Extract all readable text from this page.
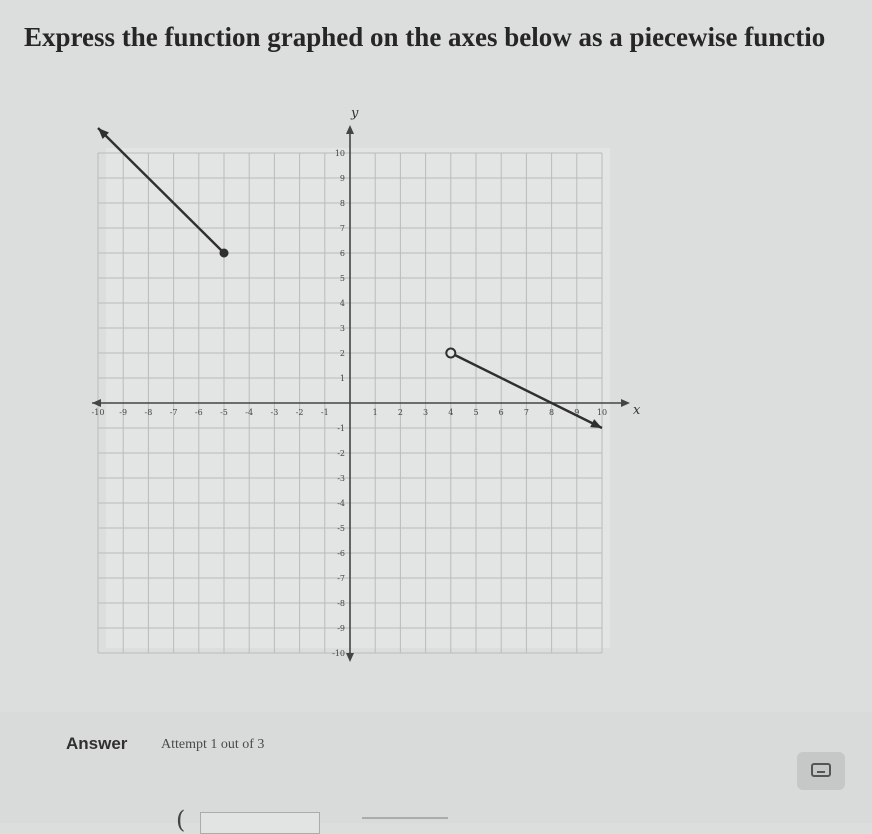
Express the function graphed on the axes below as a piecewise functio
-10 -9 -8 -7 -6 -5 -4 -3 -2 -1	1	2	3	4	5	6	7	8	9 10
10
9
8
7
6
5
4
3
2
1
-1
-2
-3
-4
-5
-6
-7
-8
-9
-10
x
y
Answer Attempt 1 out of 3
(
